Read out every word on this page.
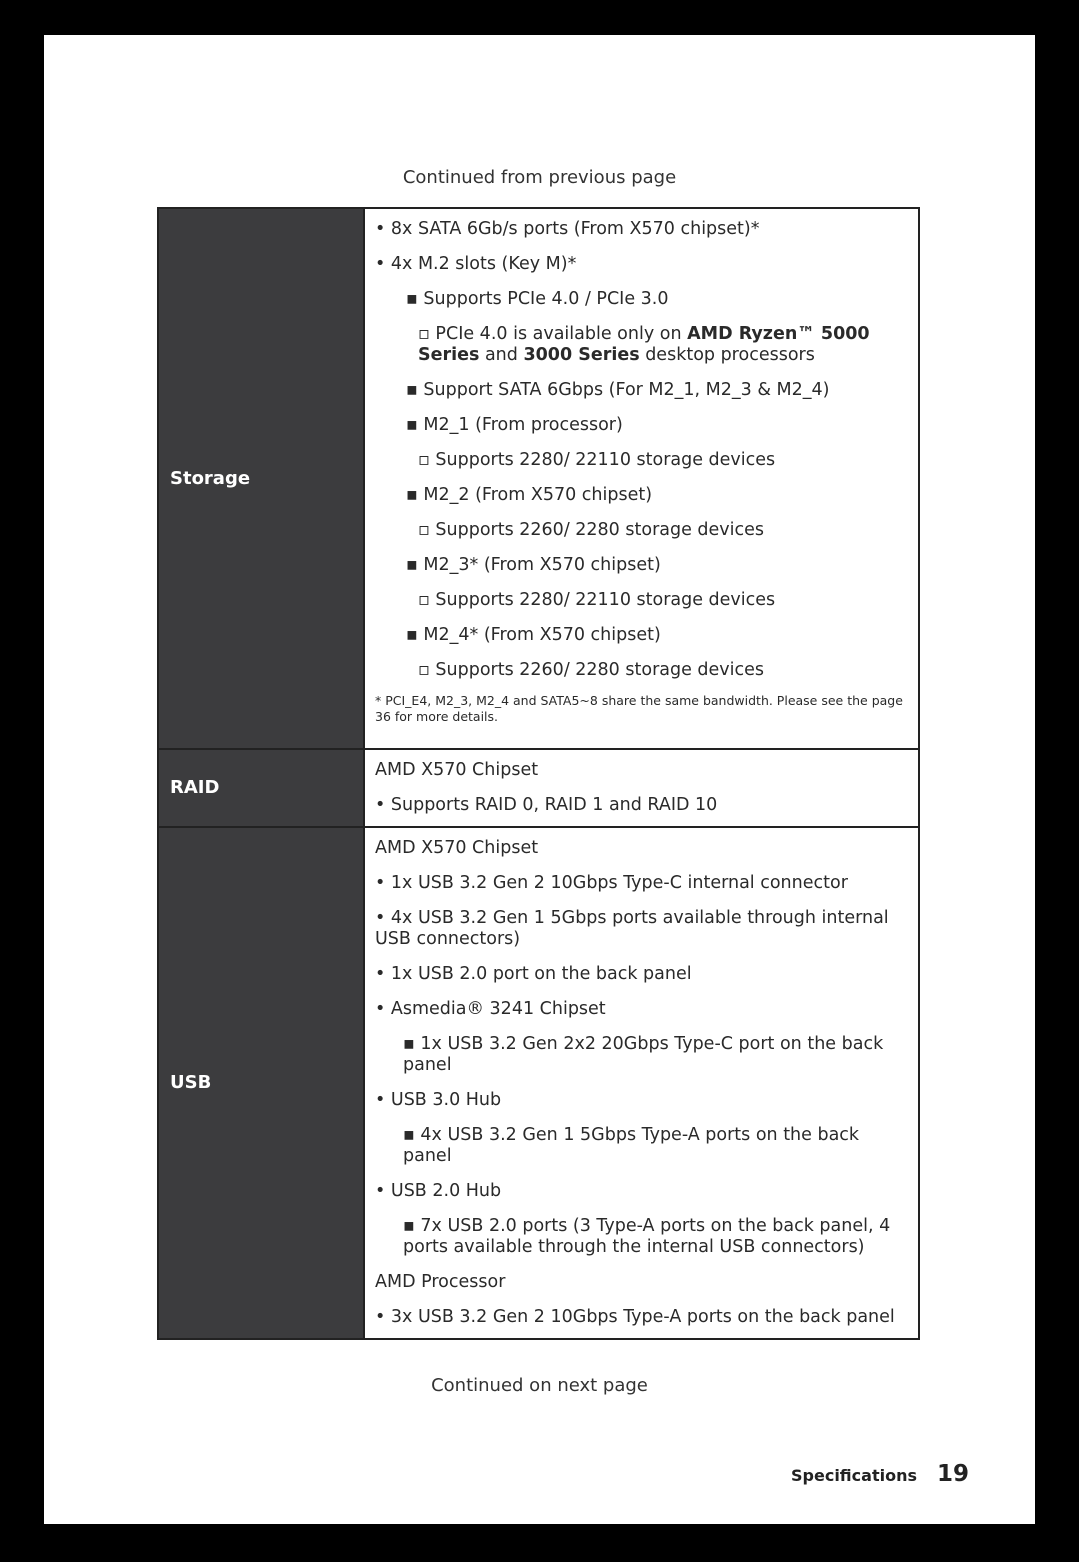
Continued from previous page
Storage

• 8x SATA 6Gb/s ports (From X570 chipset)*

• 4x M.2 slots (Key M)*

▪ Supports PCIe 4.0 / PCIe 3.0

▫ PCIe 4.0 is available only on AMD Ryzen™ 5000 Series and 3000 Series desktop processors

▪ Support SATA 6Gbps (For M2_1, M2_3 & M2_4)

▪ M2_1 (From processor)

▫ Supports 2280/ 22110 storage devices

▪ M2_2 (From X570 chipset)

▫ Supports 2260/ 2280 storage devices

▪ M2_3* (From X570 chipset)

▫ Supports 2280/ 22110 storage devices

▪ M2_4* (From X570 chipset)

▫ Supports 2260/ 2280 storage devices

* PCI_E4, M2_3, M2_4 and SATA5~8 share the same bandwidth. Please see the page 36 for more details.

RAID

AMD X570 Chipset

• Supports RAID 0, RAID 1 and RAID 10

USB

AMD X570 Chipset

• 1x USB 3.2 Gen 2 10Gbps Type-C internal connector

• 4x USB 3.2 Gen 1 5Gbps ports available through internal USB connectors)

• 1x USB 2.0 port on the back panel

• Asmedia® 3241 Chipset

▪ 1x USB 3.2 Gen 2x2 20Gbps Type-C port on the back panel

• USB 3.0 Hub

▪ 4x USB 3.2 Gen 1 5Gbps Type-A ports on the back panel

• USB 2.0 Hub

▪ 7x USB 2.0 ports (3 Type-A ports on the back panel, 4 ports available through the internal USB connectors)

AMD Processor

• 3x USB 3.2 Gen 2 10Gbps Type-A ports on the back panel

Continued on next page
Specifications 19
